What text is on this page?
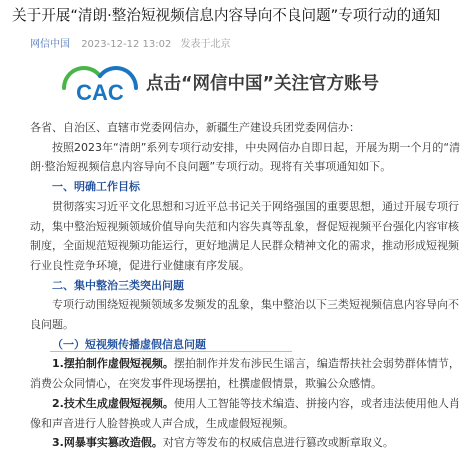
关于开展“清朗·整治短视频信息内容导向不良问题”专项行动的通知
网信中国 2023-12-12 13:02 发表于北京
CAC 点击“网信中国”关注官方账号
各省、自治区、直辖市党委网信办，新疆生产建设兵团党委网信办：
按照2023年“清朗”系列专项行动安排，中央网信办自即日起，开展为期一个月的“清朗·整治短视频信息内容导向不良问题”专项行动。现将有关事项通知如下。
一、明确工作目标
贯彻落实习近平文化思想和习近平总书记关于网络强国的重要思想，通过开展专项行动，集中整治短视频领域价值导向失范和内容失真等乱象，督促短视频平台强化内容审核制度，全面规范短视频功能运行，更好地满足人民群众精神文化的需求，推动形成短视频行业良性竞争环境，促进行业健康有序发展。
二、集中整治三类突出问题
专项行动围绕短视频领域多发频发的乱象，集中整治以下三类短视频信息内容导向不良问题。
（一）短视频传播虚假信息问题
1.摆拍制作虚假短视频。摆拍制作并发布涉民生谣言，编造帮扶社会弱势群体情节，消费公众同情心，在突发事件现场摆拍，杜撰虚假情景，欺骗公众感情。
2.技术生成虚假短视频。使用人工智能等技术编造、拼接内容，或者违法使用他人肖像和声音进行人脸替换或人声合成，生成虚假短视频。
3.网暴事实篡改造假。对官方等发布的权威信息进行篡改或断章取义。
